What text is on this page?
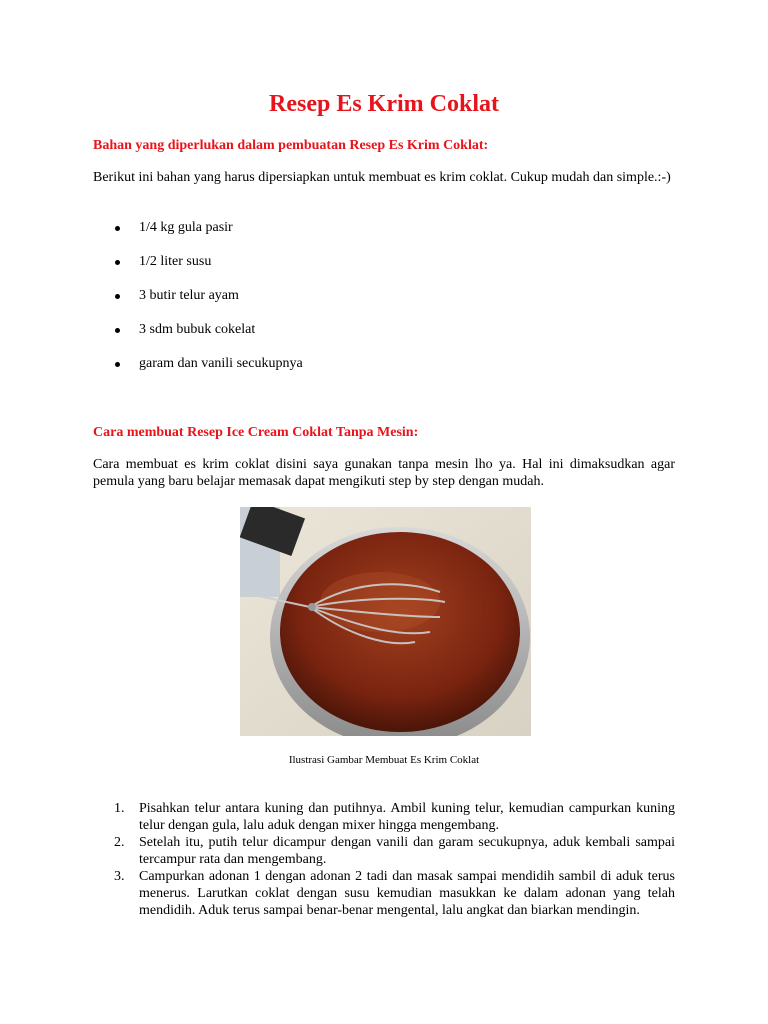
Resep Es Krim Coklat
Bahan yang diperlukan dalam pembuatan Resep Es Krim Coklat:
Berikut ini bahan yang harus dipersiapkan untuk membuat es krim coklat. Cukup mudah dan simple.:-)
1/4 kg gula pasir
1/2 liter susu
3 butir telur ayam
3 sdm bubuk cokelat
garam dan vanili secukupnya
Cara membuat Resep Ice Cream Coklat Tanpa Mesin:
Cara membuat es krim coklat disini saya gunakan tanpa mesin lho ya. Hal ini dimaksudkan agar pemula yang baru belajar memasak dapat mengikuti step by step dengan mudah.
Ilustrasi Gambar Membuat Es Krim Coklat
1. Pisahkan telur antara kuning dan putihnya. Ambil kuning telur, kemudian campurkan kuning telur dengan gula, lalu aduk dengan mixer hingga mengembang.
2. Setelah itu, putih telur dicampur dengan vanili dan garam secukupnya, aduk kembali sampai tercampur rata dan mengembang.
3. Campurkan adonan 1 dengan adonan 2 tadi dan masak sampai mendidih sambil di aduk terus menerus. Larutkan coklat dengan susu kemudian masukkan ke dalam adonan yang telah mendidih. Aduk terus sampai benar-benar mengental, lalu angkat dan biarkan mendingin.
